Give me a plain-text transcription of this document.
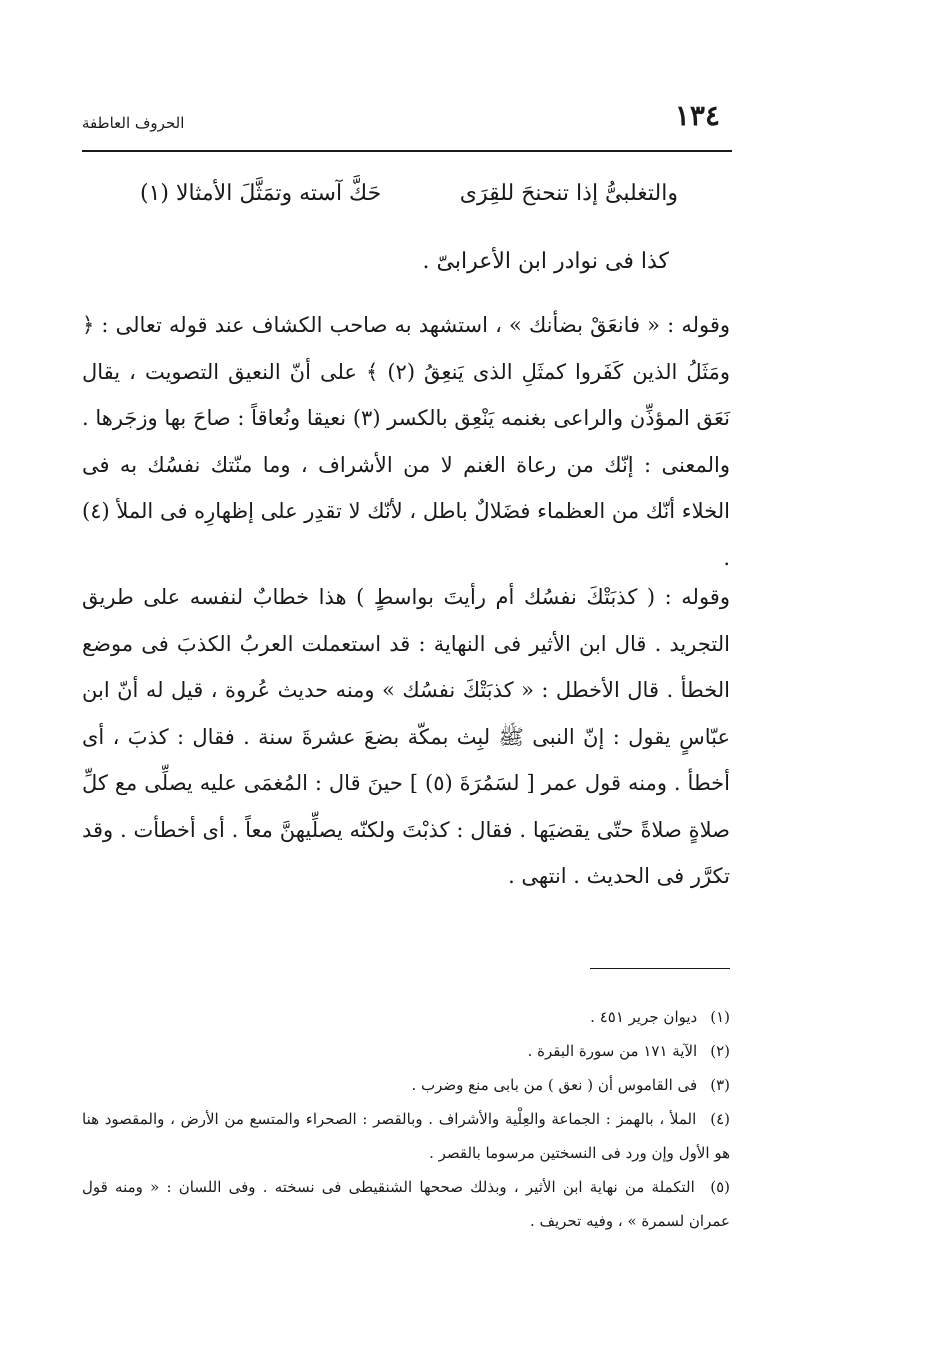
١٣٤
الحروف العاطفة
والتغلبىُّ إذا تنحنحَ للقِرَى
حَكَّ آسته وتمَثَّلَ الأمثالا (١)
كذا فى نوادر ابن الأعرابىّ .

وقوله : « فانعَقْ بضأنك » ، استشهد به صاحب الكشاف عند قوله تعالى : ﴿ ومَثَلُ الذين كَفَروا كمثَلِ الذى يَنعِقُ (٢) ﴾ على أنّ النعيق التصويت ، يقال نَعَق المؤذِّن والراعى بغنمه يَنْعِق بالكسر (٣) نعيقا ونُعاقاً : صاحَ بها وزجَرها . والمعنى : إنّك من رعاة الغنم لا من الأشراف ، وما منّتك نفسُك به فى الخلاء أنّك من العظماء فضَلالٌ باطل ، لأنّك لا تقدِر على إظهارِه فى الملأ (٤) .

وقوله : ( كذبَتْكَ نفسُك أم رأيتَ بواسطٍ ) هذا خطابٌ لنفسه على طريق التجريد . قال ابن الأثير فى النهاية : قد استعملت العربُ الكذبَ فى موضع الخطأ . قال الأخطل : « كذبَتْكَ نفسُك » ومنه حديث عُروة ، قيل له أنّ ابن عبّاسٍ يقول : إنّ النبى ﷺ لبِث بمكّة بضعَ عشرةَ سنة . فقال : كذبَ ، أى أخطأ . ومنه قول عمر [ لسَمُرَةَ (٥) ] حينَ قال : المُغمَى عليه يصلِّى مع كلِّ صلاةٍ صلاةً حتّى يقضيَها . فقال : كذبْتَ ولكنّه يصلِّيهنَّ معاً . أى أخطأت . وقد تكرَّر فى الحديث . انتهى .

(١) ديوان جرير ٤٥١ .

(٢) الآية ١٧١ من سورة البقرة .

(٣) فى القاموس أن ( نعق ) من بابى منع وضرب .

(٤) الملأ ، بالهمز : الجماعة والعِلْية والأشراف . وبالقصر : الصحراء والمتسع من الأرض ، والمقصود هنا هو الأول وإن ورد فى النسختين مرسوما بالقصر .

(٥) التكملة من نهاية ابن الأثير ، وبذلك صححها الشنقيطى فى نسخته . وفى اللسان : « ومنه قول عمران لسمرة » ، وفيه تحريف .
